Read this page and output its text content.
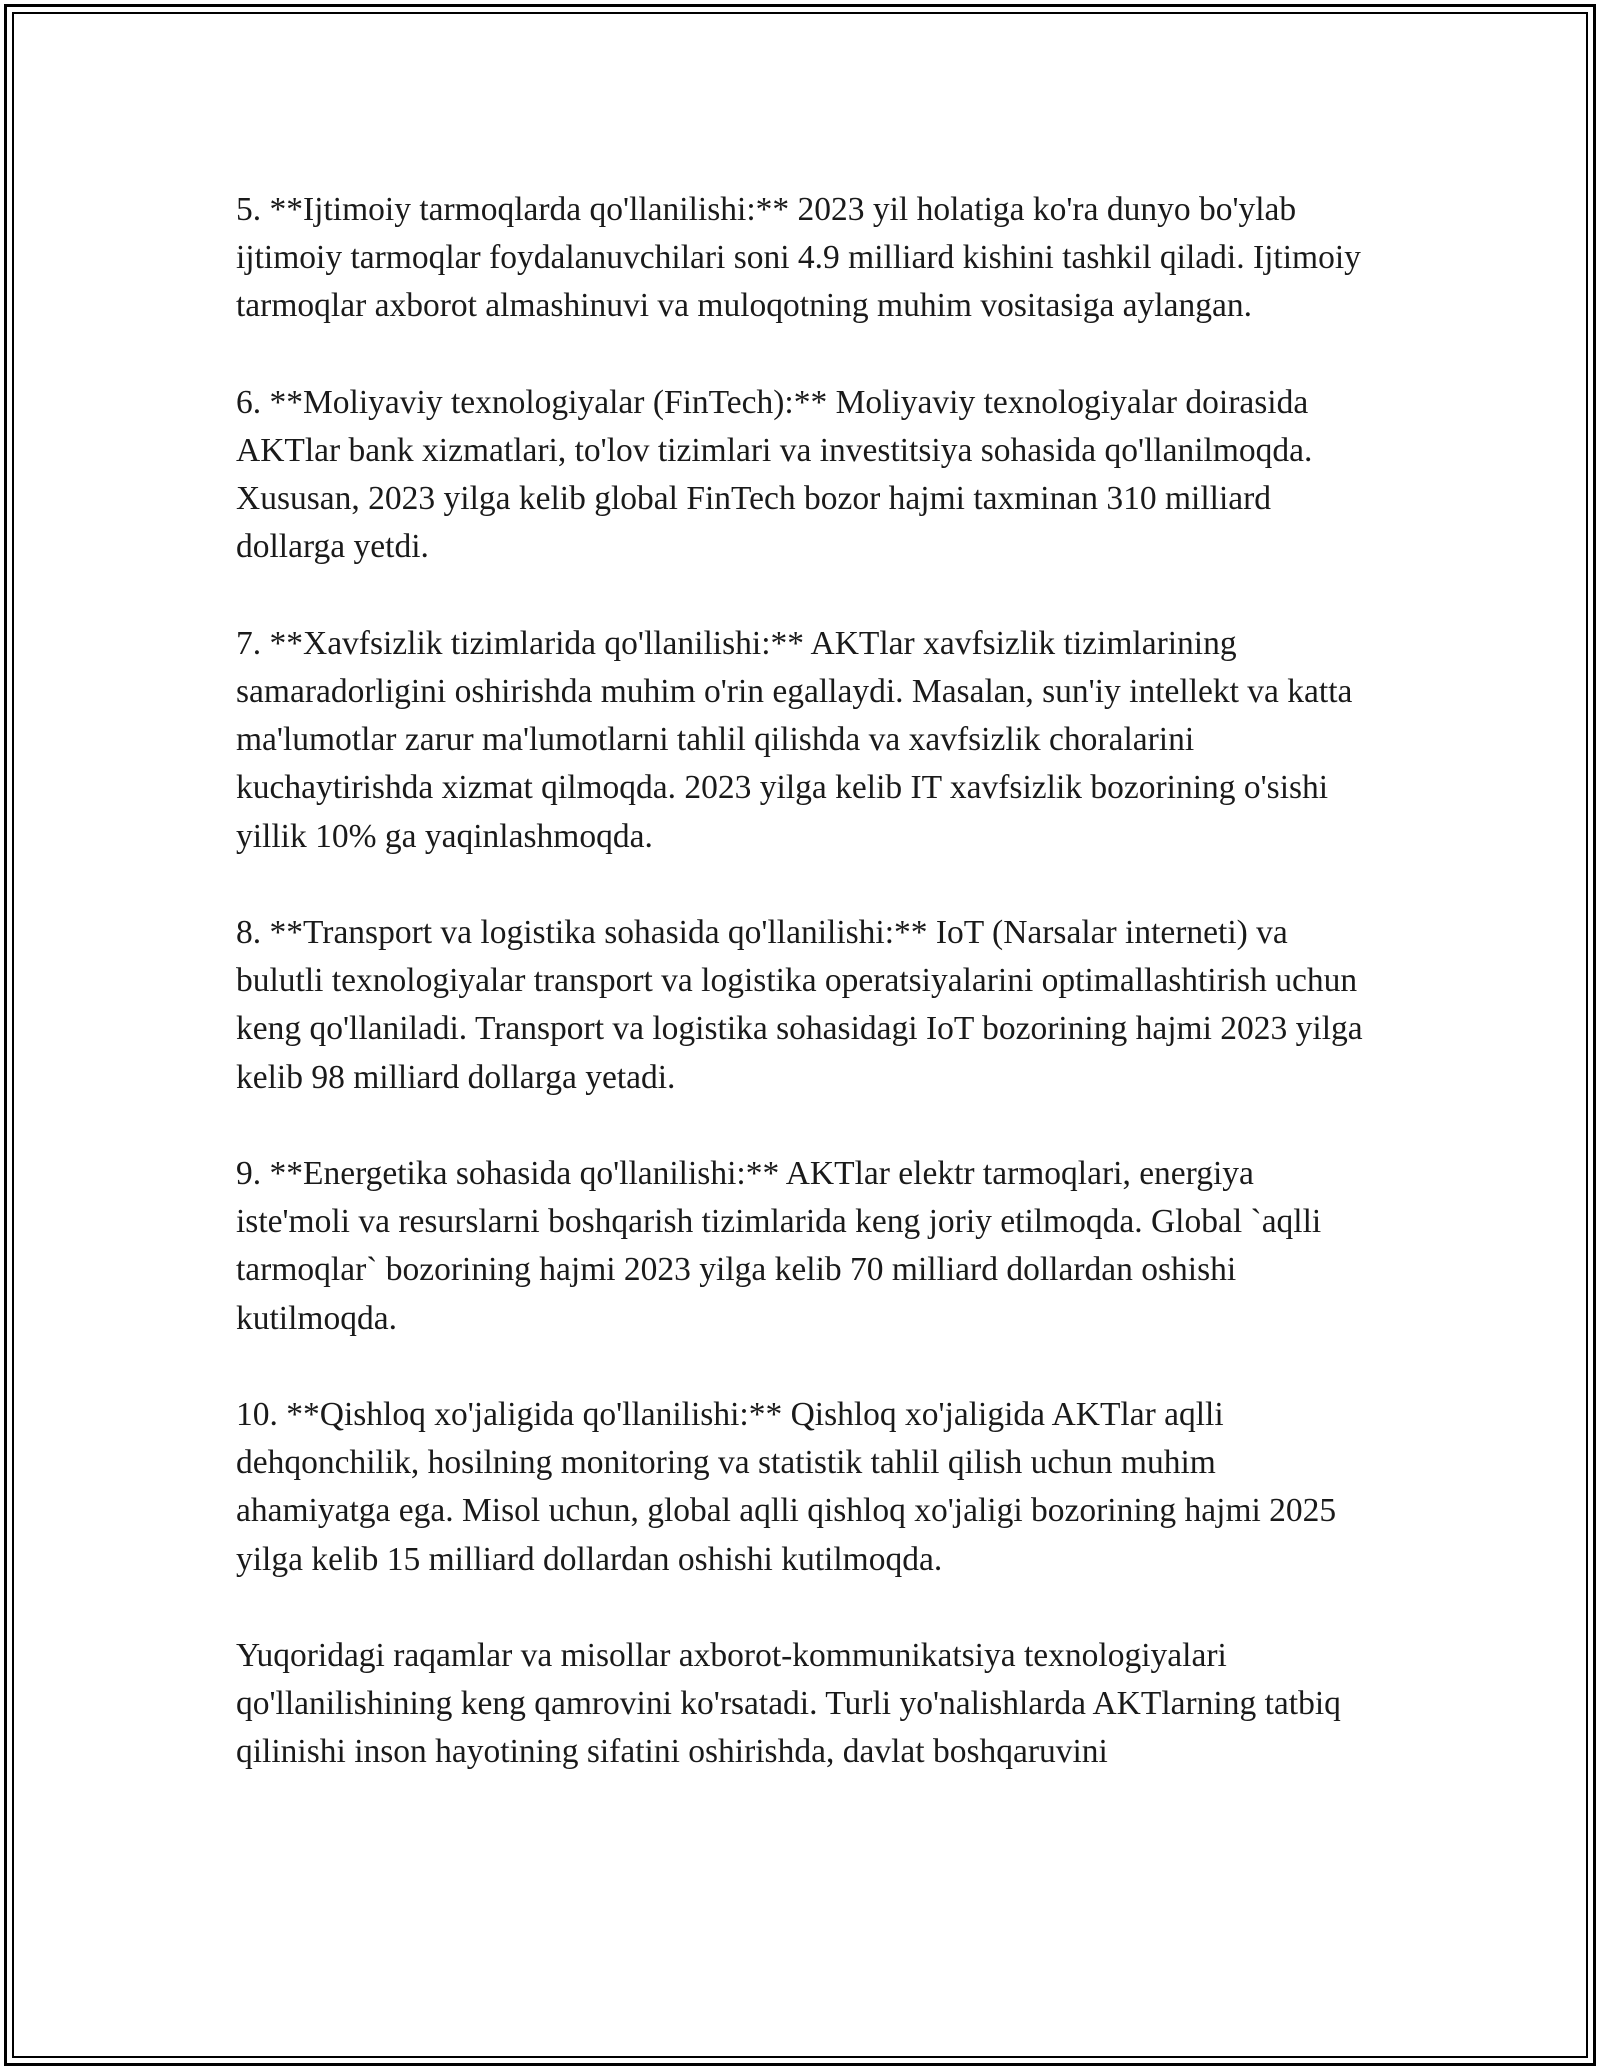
5. **Ijtimoiy tarmoqlarda qo'llanilishi:** 2023 yil holatiga ko'ra dunyo bo'ylab ijtimoiy tarmoqlar foydalanuvchilari soni 4.9 milliard kishini tashkil qiladi. Ijtimoiy tarmoqlar axborot almashinuvi va muloqotning muhim vositasiga aylangan.

6. **Moliyaviy texnologiyalar (FinTech):** Moliyaviy texnologiyalar doirasida AKTlar bank xizmatlari, to'lov tizimlari va investitsiya sohasida qo'llanilmoqda. Xususan, 2023 yilga kelib global FinTech bozor hajmi taxminan 310 milliard dollarga yetdi.

7. **Xavfsizlik tizimlarida qo'llanilishi:** AKTlar xavfsizlik tizimlarining samaradorligini oshirishda muhim o'rin egallaydi. Masalan, sun'iy intellekt va katta ma'lumotlar zarur ma'lumotlarni tahlil qilishda va xavfsizlik choralarini kuchaytirishda xizmat qilmoqda. 2023 yilga kelib IT xavfsizlik bozorining o'sishi yillik 10% ga yaqinlashmoqda.

8. **Transport va logistika sohasida qo'llanilishi:** IoT (Narsalar interneti) va bulutli texnologiyalar transport va logistika operatsiyalarini optimallashtirish uchun keng qo'llaniladi. Transport va logistika sohasidagi IoT bozorining hajmi 2023 yilga kelib 98 milliard dollarga yetadi.

9. **Energetika sohasida qo'llanilishi:** AKTlar elektr tarmoqlari, energiya iste'moli va resurslarni boshqarish tizimlarida keng joriy etilmoqda. Global `aqlli tarmoqlar` bozorining hajmi 2023 yilga kelib 70 milliard dollardan oshishi kutilmoqda.

10. **Qishloq xo'jaligida qo'llanilishi:** Qishloq xo'jaligida AKTlar aqlli dehqonchilik, hosilning monitoring va statistik tahlil qilish uchun muhim ahamiyatga ega. Misol uchun, global aqlli qishloq xo'jaligi bozorining hajmi 2025 yilga kelib 15 milliard dollardan oshishi kutilmoqda.

Yuqoridagi raqamlar va misollar axborot-kommunikatsiya texnologiyalari qo'llanilishining keng qamrovini ko'rsatadi. Turli yo'nalishlarda AKTlarning tatbiq qilinishi inson hayotining sifatini oshirishda, davlat boshqaruvini
